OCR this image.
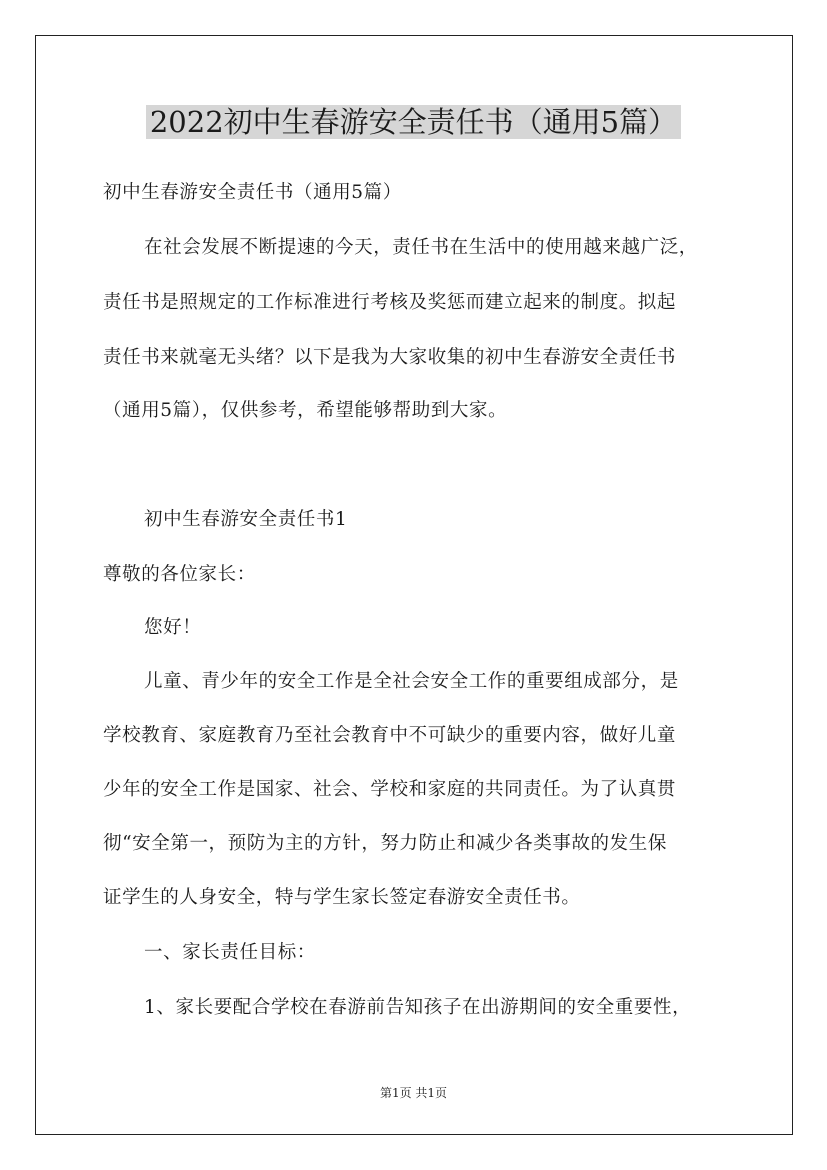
2022初中生春游安全责任书（通用5篇）
初中生春游安全责任书（通用5篇）
在社会发展不断提速的今天，责任书在生活中的使用越来越广泛，
责任书是照规定的工作标准进行考核及奖惩而建立起来的制度。拟起
责任书来就毫无头绪？以下是我为大家收集的初中生春游安全责任书
（通用5篇），仅供参考，希望能够帮助到大家。
初中生春游安全责任书1
尊敬的各位家长：
您好！
儿童、青少年的安全工作是全社会安全工作的重要组成部分，是
学校教育、家庭教育乃至社会教育中不可缺少的重要内容，做好儿童
少年的安全工作是国家、社会、学校和家庭的共同责任。为了认真贯
彻“安全第一，预防为主的方针，努力防止和减少各类事故的发生保
证学生的人身安全，特与学生家长签定春游安全责任书。
一、家长责任目标：
1、家长要配合学校在春游前告知孩子在出游期间的安全重要性，
第1页 共1页
